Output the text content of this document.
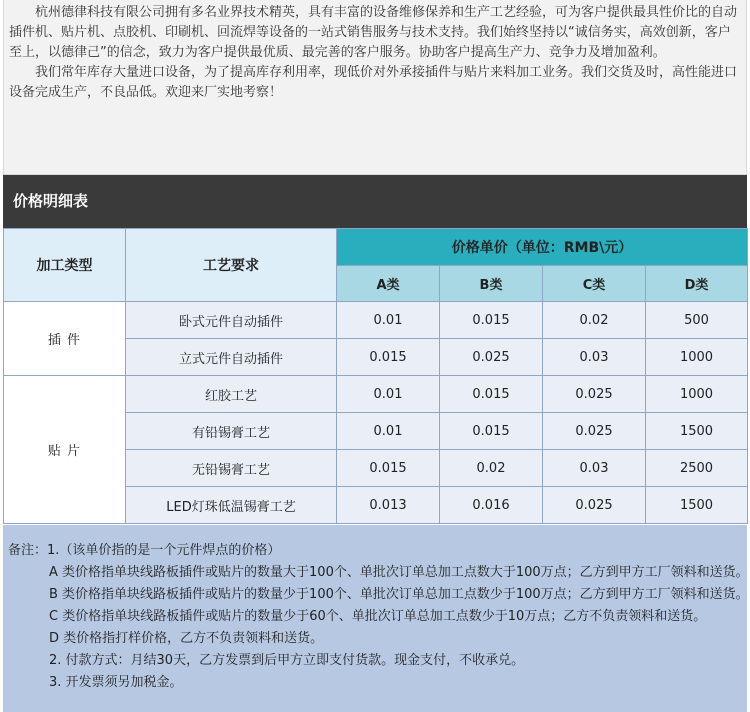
杭州德律科技有限公司拥有多名业界技术精英，具有丰富的设备维修保养和生产工艺经验，可为客户提供最具性价比的自动插件机、贴片机、点胶机、印刷机、回流焊等设备的一站式销售服务与技术支持。我们始终坚持以“诚信务实，高效创新，客户至上，以德律己”的信念，致力为客户提供最优质、最完善的客户服务。协助客户提高生产力、竞争力及增加盈利。

我们常年库存大量进口设备，为了提高库存利用率，现低价对外承接插件与贴片来料加工业务。我们交货及时，高性能进口设备完成生产，不良品低。欢迎来厂实地考察！

价格明细表
加工类型	工艺要求	价格单价（单位：RMB\元）			
		A类	B类	C类	D类
插 件	卧式元件自动插件	0.01	0.015	0.02	500
	立式元件自动插件	0.015	0.025	0.03	1000
贴 片	红胶工艺	0.01	0.015	0.025	1000
	有铅锡膏工艺	0.01	0.015	0.025	1500
	无铅锡膏工艺	0.015	0.02	0.03	2500
	LED灯珠低温锡膏工艺	0.013	0.016	0.025	1500
备注：1.（该单价指的是一个元件焊点的价格）
A 类价格指单块线路板插件或贴片的数量大于100个、单批次订单总加工点数大于100万点；乙方到甲方工厂领料和送货。
B 类价格指单块线路板插件或贴片的数量少于100个、单批次订单总加工点数少于100万点；乙方到甲方工厂领料和送货。
C 类价格指单块线路板插件或贴片的数量少于60个、单批次订单总加工点数少于10万点；乙方不负责领料和送货。
D 类价格指打样价格，乙方不负责领料和送货。
2. 付款方式：月结30天，乙方发票到后甲方立即支付货款。现金支付，不收承兑。
3. 开发票须另加税金。
